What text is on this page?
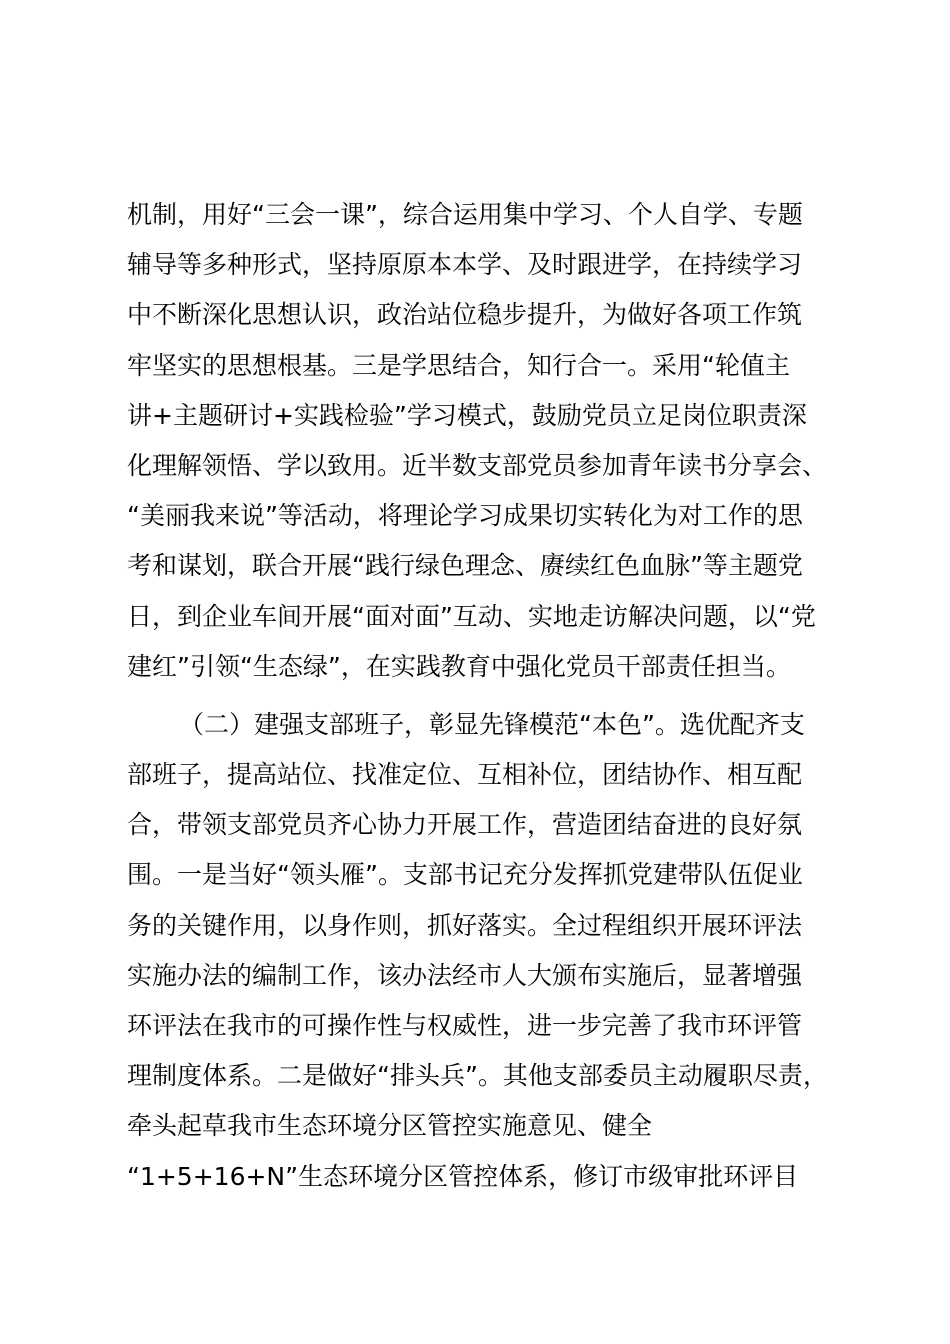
机制，用好“三会一课”，综合运用集中学习、个人自学、专题
辅导等多种形式，坚持原原本本学、及时跟进学，在持续学习
中不断深化思想认识，政治站位稳步提升，为做好各项工作筑
牢坚实的思想根基。三是学思结合，知行合一。采用“轮值主
讲+主题研讨+实践检验”学习模式，鼓励党员立足岗位职责深
化理解领悟、学以致用。近半数支部党员参加青年读书分享会、
“美丽我来说”等活动，将理论学习成果切实转化为对工作的思
考和谋划，联合开展“践行绿色理念、赓续红色血脉”等主题党
日，到企业车间开展“面对面”互动、实地走访解决问题，以“党
建红”引领“生态绿”，在实践教育中强化党员干部责任担当。
（二）建强支部班子，彰显先锋模范“本色”。选优配齐支
部班子，提高站位、找准定位、互相补位，团结协作、相互配
合，带领支部党员齐心协力开展工作，营造团结奋进的良好氛
围。一是当好“领头雁”。支部书记充分发挥抓党建带队伍促业
务的关键作用，以身作则，抓好落实。全过程组织开展环评法
实施办法的编制工作，该办法经市人大颁布实施后，显著增强
环评法在我市的可操作性与权威性，进一步完善了我市环评管
理制度体系。二是做好“排头兵”。其他支部委员主动履职尽责，
牵头起草我市生态环境分区管控实施意见、健全
“1+5+16+N”生态环境分区管控体系，修订市级审批环评目
